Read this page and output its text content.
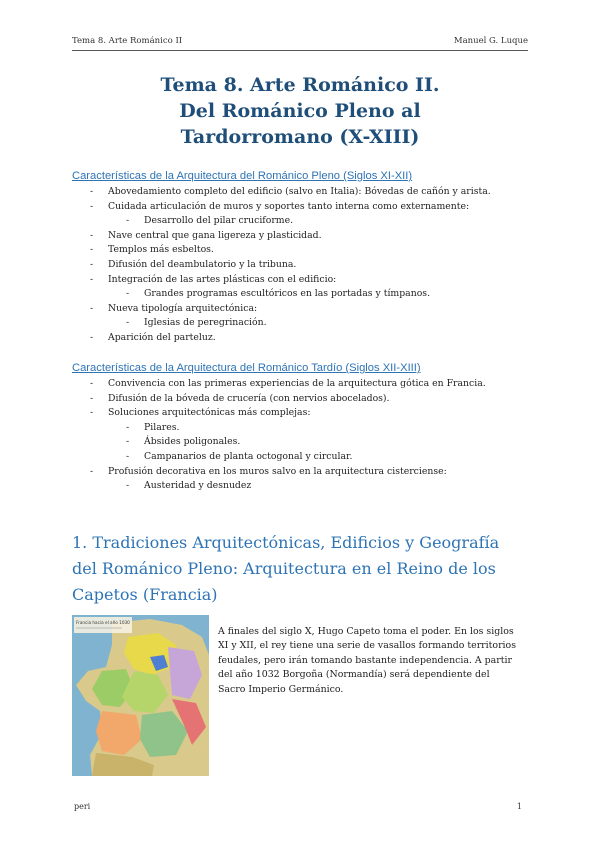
Tema 8. Arte Románico II	Manuel G. Luque
Tema 8. Arte Románico II.
Del Románico Pleno al
Tardorromano (X-XIII)
Características de la Arquitectura del Románico Pleno (Siglos XI-XII)
- Abovedamiento completo del edificio (salvo en Italia): Bóvedas de cañón y arista.
- Cuidada articulación de muros y soportes tanto interna como externamente:
- Desarrollo del pilar cruciforme.
- Nave central que gana ligereza y plasticidad.
- Templos más esbeltos.
- Difusión del deambulatorio y la tribuna.
- Integración de las artes plásticas con el edificio:
- Grandes programas escultóricos en las portadas y tímpanos.
- Nueva tipología arquitectónica:
- Iglesias de peregrinación.
- Aparición del parteluz.
Características de la Arquitectura del Románico Tardío (Siglos XII-XIII)
- Convivencia con las primeras experiencias de la arquitectura gótica en Francia.
- Difusión de la bóveda de crucería (con nervios abocelados).
- Soluciones arquitectónicas más complejas:
- Pilares.
- Ábsides poligonales.
- Campanarios de planta octogonal y circular.
- Profusión decorativa en los muros salvo en la arquitectura cisterciense:
- Austeridad y desnudez
1. Tradiciones Arquitectónicas, Edificios y Geografía
del Románico Pleno: Arquitectura en el Reino de los
Capetos (Francia)
Francia hacia el año 1030
A finales del siglo X, Hugo Capeto toma el poder. En los siglos
XI y XII, el rey tiene una serie de vasallos formando territorios
feudales, pero irán tomando bastante independencia. A partir
del año 1032 Borgoña (Normandía) será dependiente del
Sacro Imperio Germánico.
peri	1
